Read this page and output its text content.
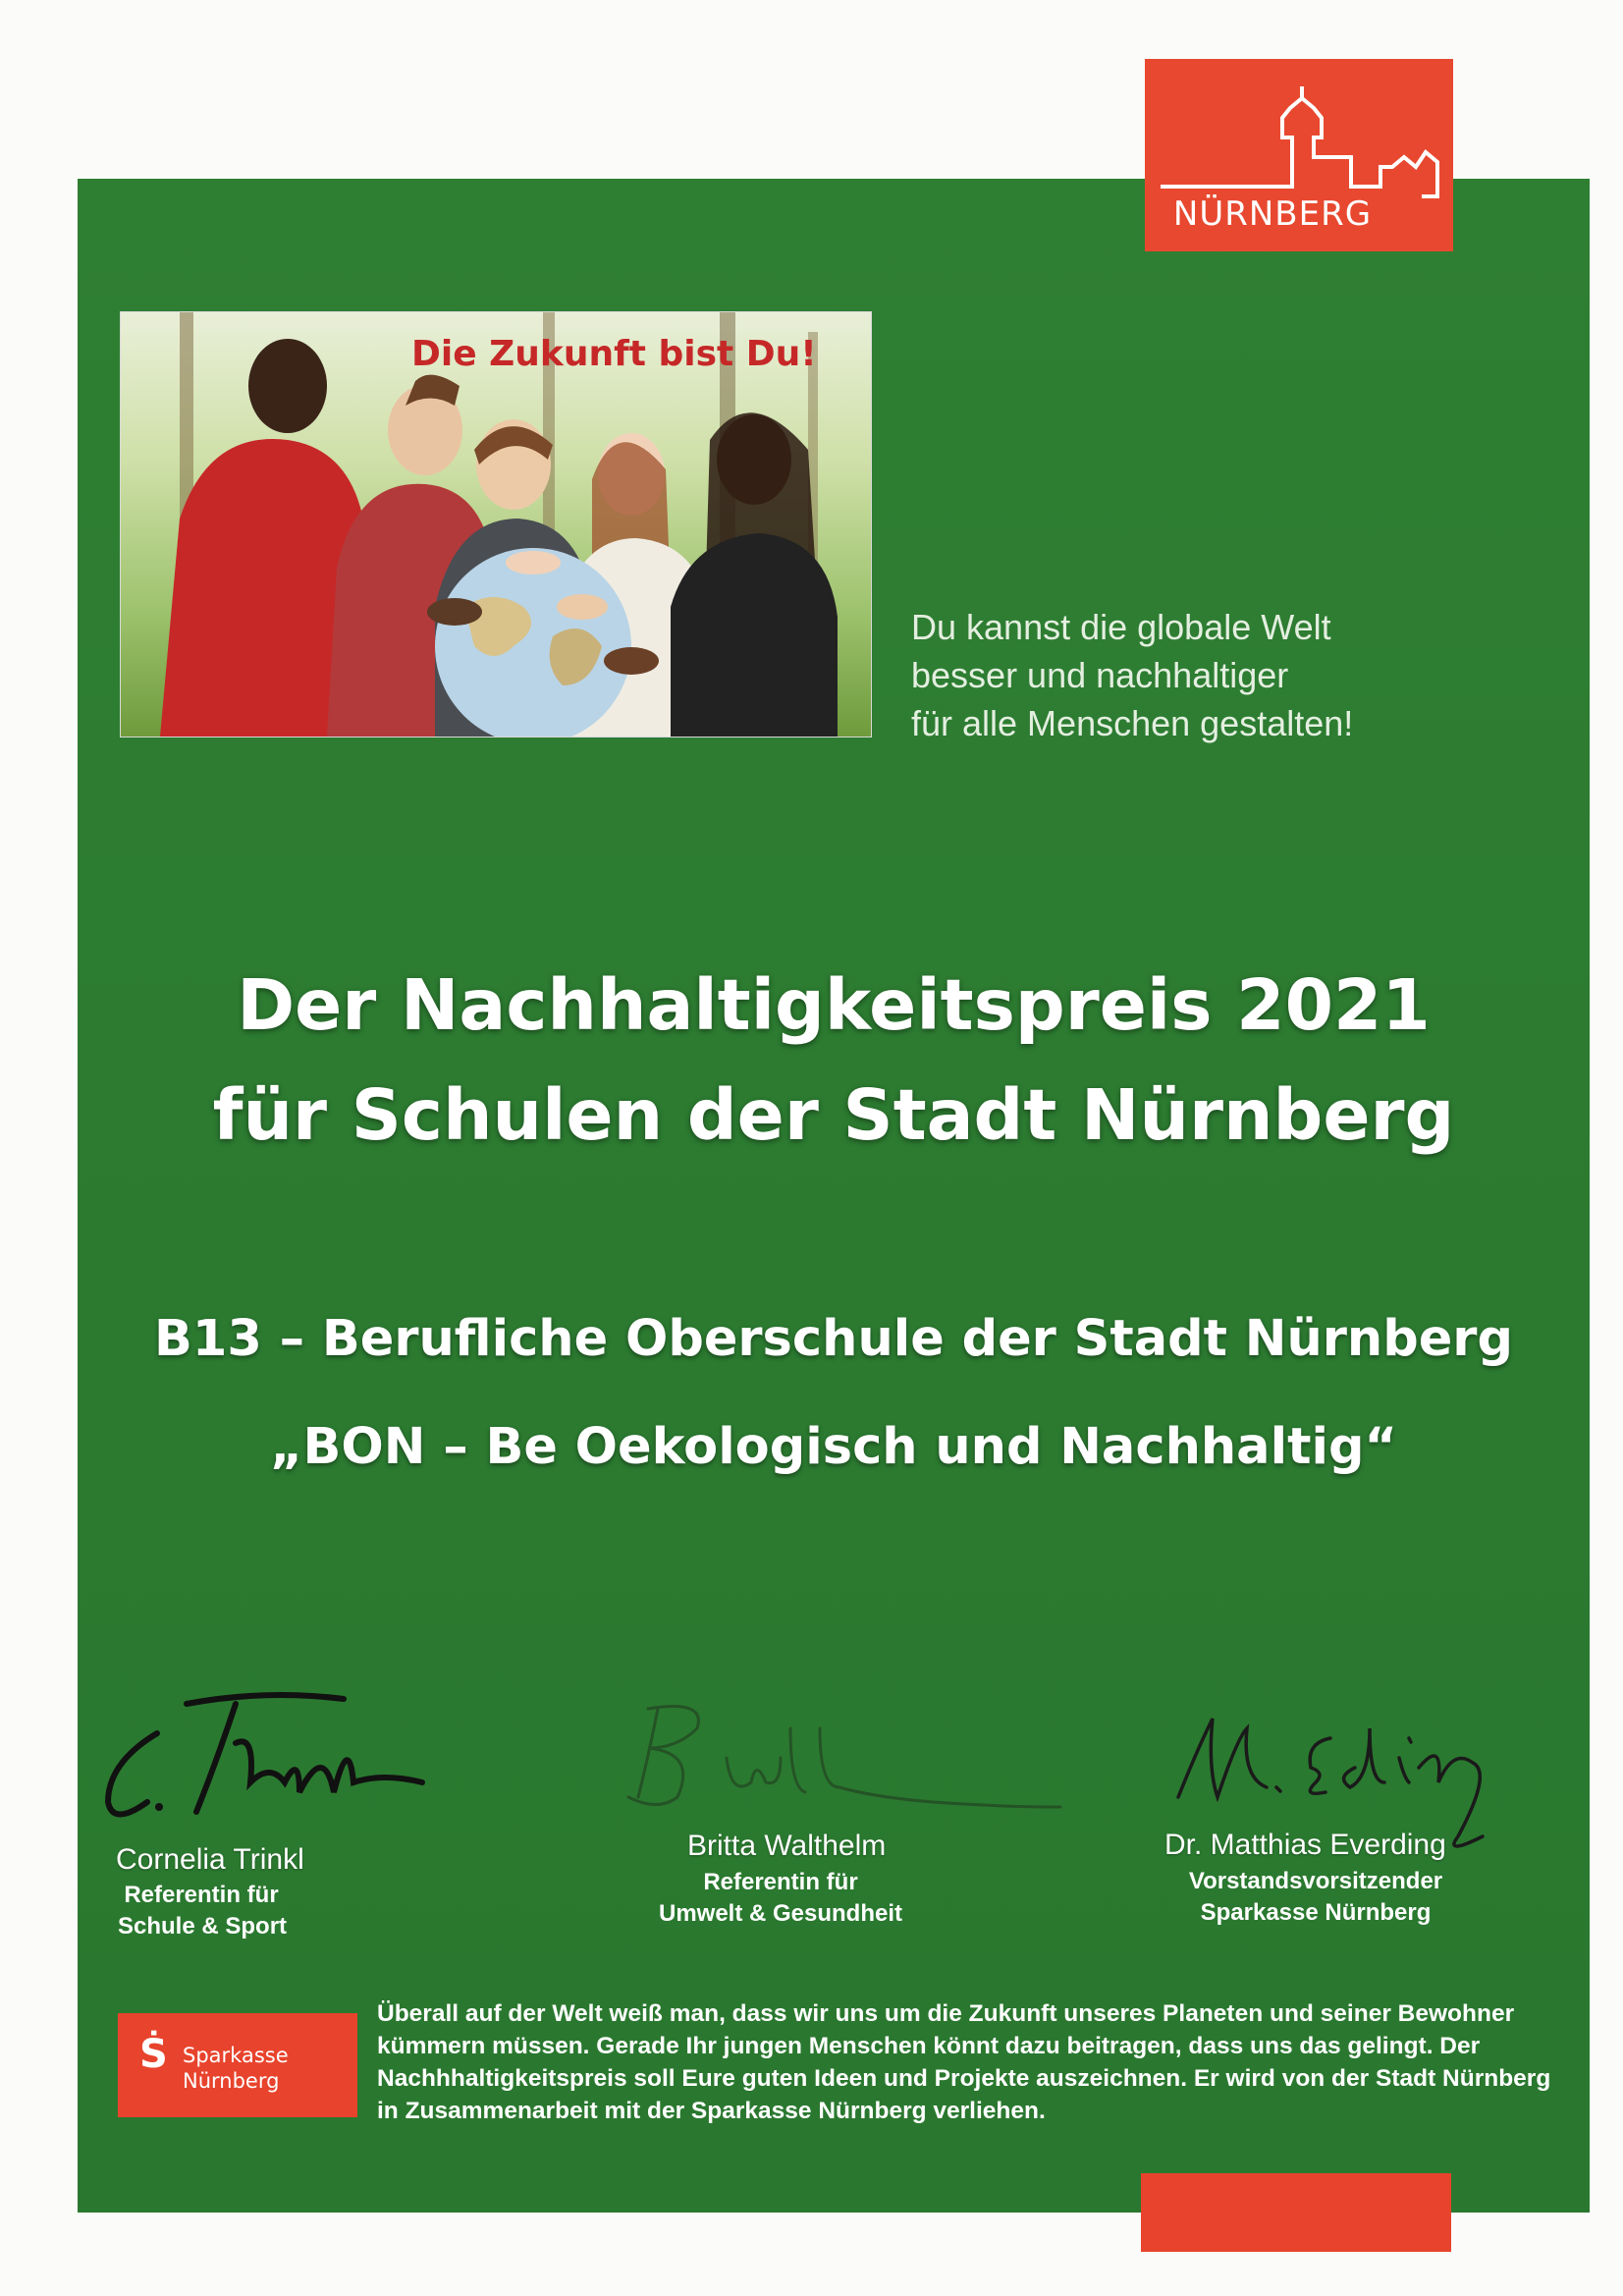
NÜRNBERG
Die Zukunft bist Du!
Du kannst die globale Welt
besser und nachhaltiger
für alle Menschen gestalten!
Der Nachhaltigkeitspreis 2021
für Schulen der Stadt Nürnberg
B13 – Berufliche Oberschule der Stadt Nürnberg
„BON – Be Oekologisch und Nachhaltig“
Cornelia Trinkl
Referentin für
Schule & Sport
Britta Walthelm
Referentin für
Umwelt & Gesundheit
Dr. Matthias Everding
Vorstandsvorsitzender
Sparkasse Nürnberg
Ṡ Sparkasse
Nürnberg
Überall auf der Welt weiß man, dass wir uns um die Zukunft unseres Planeten und seiner Bewohner
kümmern müssen. Gerade Ihr jungen Menschen könnt dazu beitragen, dass uns das gelingt. Der
Nachhhaltigkeitspreis soll Eure guten Ideen und Projekte auszeichnen. Er wird von der Stadt Nürnberg
in Zusammenarbeit mit der Sparkasse Nürnberg verliehen.
